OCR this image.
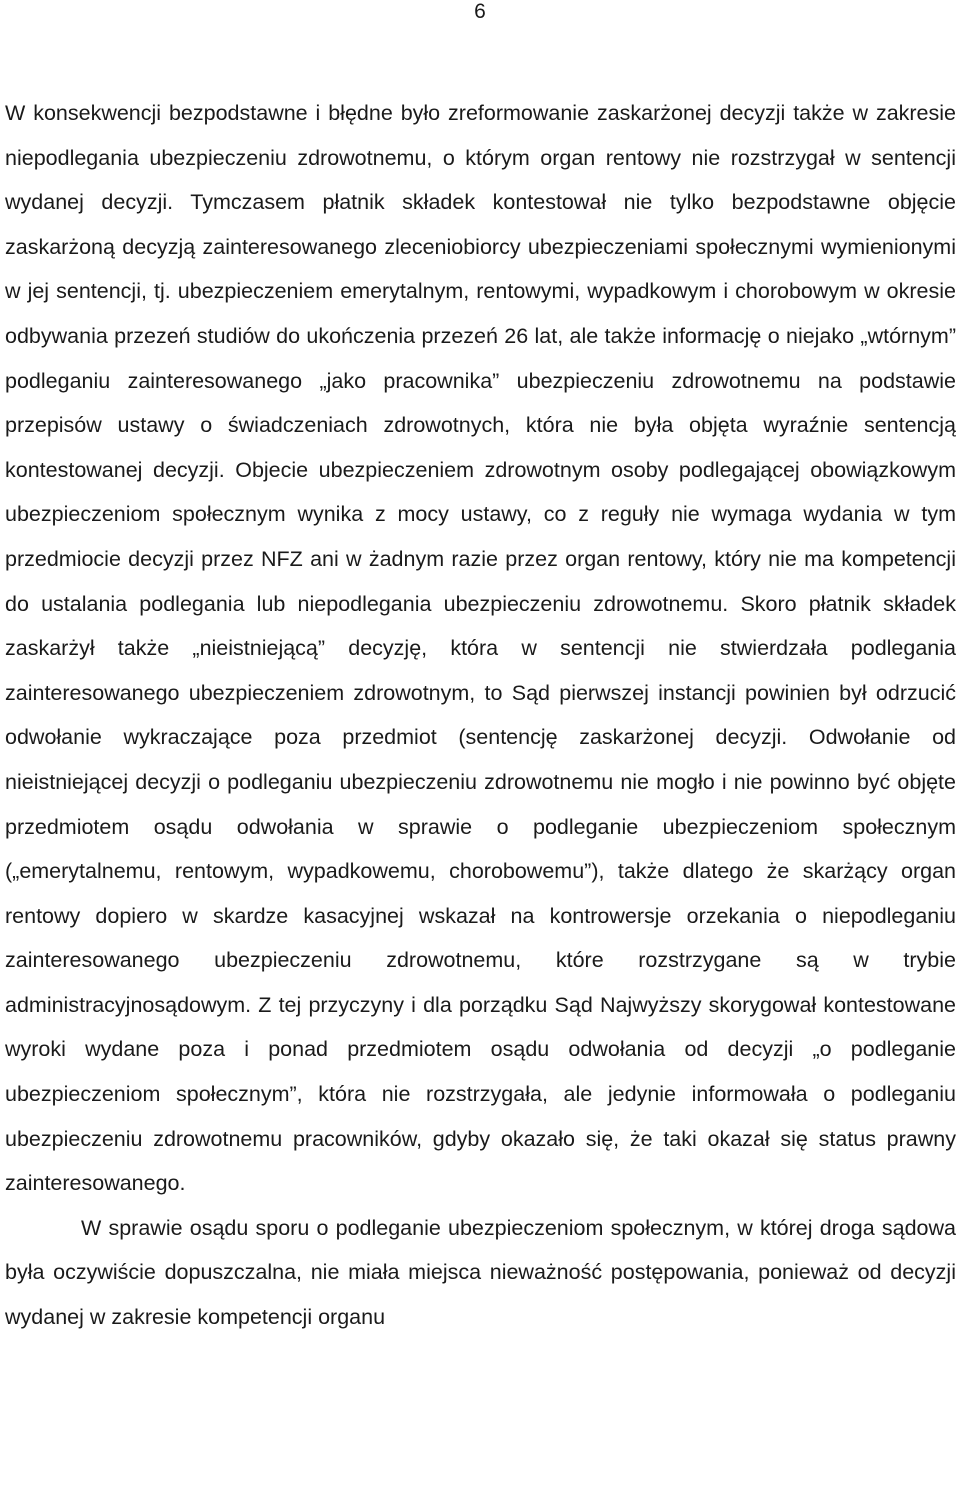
6

W konsekwencji bezpodstawne i błędne było zreformowanie zaskarżonej decyzji także w zakresie niepodlegania ubezpieczeniu zdrowotnemu, o którym organ rentowy nie rozstrzygał w sentencji wydanej decyzji. Tymczasem płatnik składek kontestował nie tylko bezpodstawne objęcie zaskarżoną decyzją zainteresowanego zleceniobiorcy ubezpieczeniami społecznymi wymienionymi w jej sentencji, tj. ubezpieczeniem emerytalnym, rentowymi, wypadkowym i chorobowym w okresie odbywania przezeń studiów do ukończenia przezeń 26 lat, ale także informację o niejako „wtórnym” podleganiu zainteresowanego „jako pracownika” ubezpieczeniu zdrowotnemu na podstawie przepisów ustawy o świadczeniach zdrowotnych, która nie była objęta wyraźnie sentencją kontestowanej decyzji. Objecie ubezpieczeniem zdrowotnym osoby podlegającej obowiązkowym ubezpieczeniom społecznym wynika z mocy ustawy, co z reguły nie wymaga wydania w tym przedmiocie decyzji przez NFZ ani w żadnym razie przez organ rentowy, który nie ma kompetencji do ustalania podlegania lub niepodlegania ubezpieczeniu zdrowotnemu. Skoro płatnik składek zaskarżył także „nieistniejącą” decyzję, która w sentencji nie stwierdzała podlegania zainteresowanego ubezpieczeniem zdrowotnym, to Sąd pierwszej instancji powinien był odrzucić odwołanie wykraczające poza przedmiot (sentencję zaskarżonej decyzji. Odwołanie od nieistniejącej decyzji o podleganiu ubezpieczeniu zdrowotnemu nie mogło i nie powinno być objęte przedmiotem osądu odwołania w sprawie o podleganie ubezpieczeniom społecznym („emerytalnemu, rentowym, wypadkowemu, chorobowemu”), także dlatego że skarżący organ rentowy dopiero w skardze kasacyjnej wskazał na kontrowersje orzekania o niepodleganiu zainteresowanego ubezpieczeniu zdrowotnemu, które rozstrzygane są w trybie administracyjnosądowym. Z tej przyczyny i dla porządku Sąd Najwyższy skorygował kontestowane wyroki wydane poza i ponad przedmiotem osądu odwołania od decyzji „o podleganie ubezpieczeniom społecznym”, która nie rozstrzygała, ale jedynie informowała o podleganiu ubezpieczeniu zdrowotnemu pracowników, gdyby okazało się, że taki okazał się status prawny zainteresowanego.

W sprawie osądu sporu o podleganie ubezpieczeniom społecznym, w której droga sądowa była oczywiście dopuszczalna, nie miała miejsca nieważność postępowania, ponieważ od decyzji wydanej w zakresie kompetencji organu
